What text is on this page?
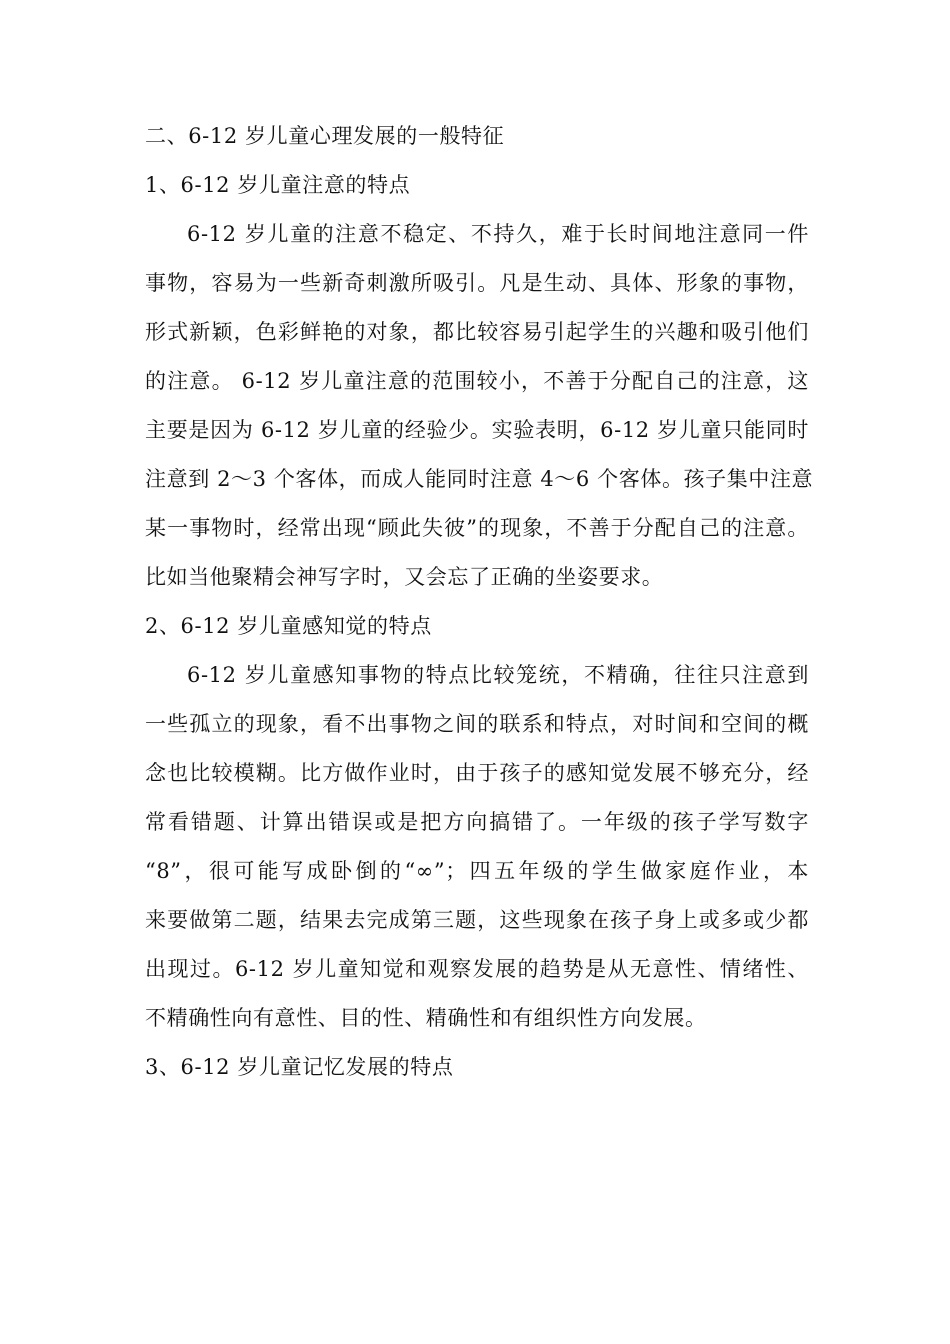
二、6-12 岁儿童心理发展的一般特征
1、6-12 岁儿童注意的特点
6-12 岁儿童的注意不稳定、不持久，难于长时间地注意同一件
事物，容易为一些新奇刺激所吸引。凡是生动、具体、形象的事物，
形式新颖，色彩鲜艳的对象，都比较容易引起学生的兴趣和吸引他们
的注意。 6-12 岁儿童注意的范围较小，不善于分配自己的注意，这
主要是因为 6-12 岁儿童的经验少。实验表明，6-12 岁儿童只能同时
注意到 2～3 个客体，而成人能同时注意 4～6 个客体。孩子集中注意
某一事物时，经常出现“顾此失彼”的现象，不善于分配自己的注意。
比如当他聚精会神写字时，又会忘了正确的坐姿要求。
2、6-12 岁儿童感知觉的特点
6-12 岁儿童感知事物的特点比较笼统，不精确，往往只注意到
一些孤立的现象，看不出事物之间的联系和特点，对时间和空间的概
念也比较模糊。比方做作业时，由于孩子的感知觉发展不够充分，经
常看错题、计算出错误或是把方向搞错了。一年级的孩子学写数字
“8”，很可能写成卧倒的“∞”；四五年级的学生做家庭作业，本
来要做第二题，结果去完成第三题，这些现象在孩子身上或多或少都
出现过。6-12 岁儿童知觉和观察发展的趋势是从无意性、情绪性、
不精确性向有意性、目的性、精确性和有组织性方向发展。
3、6-12 岁儿童记忆发展的特点
